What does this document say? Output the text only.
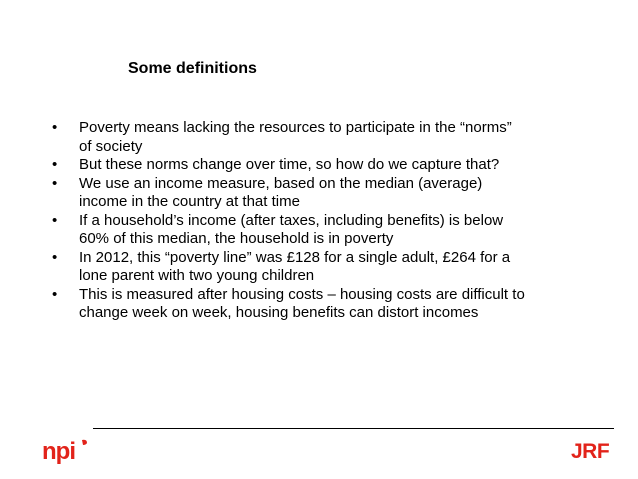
Some definitions
• Poverty means lacking the resources to participate in the “norms”
of society
• But these norms change over time, so how do we capture that?
• We use an income measure, based on the median (average)
income in the country at that time
• If a household’s income (after taxes, including benefits) is below
60% of this median, the household is in poverty
• In 2012, this “poverty line” was £128 for a single adult, £264 for a
lone parent with two young children
• This is measured after housing costs – housing costs are difficult to
change week on week, housing benefits can distort incomes
npi	JRF
